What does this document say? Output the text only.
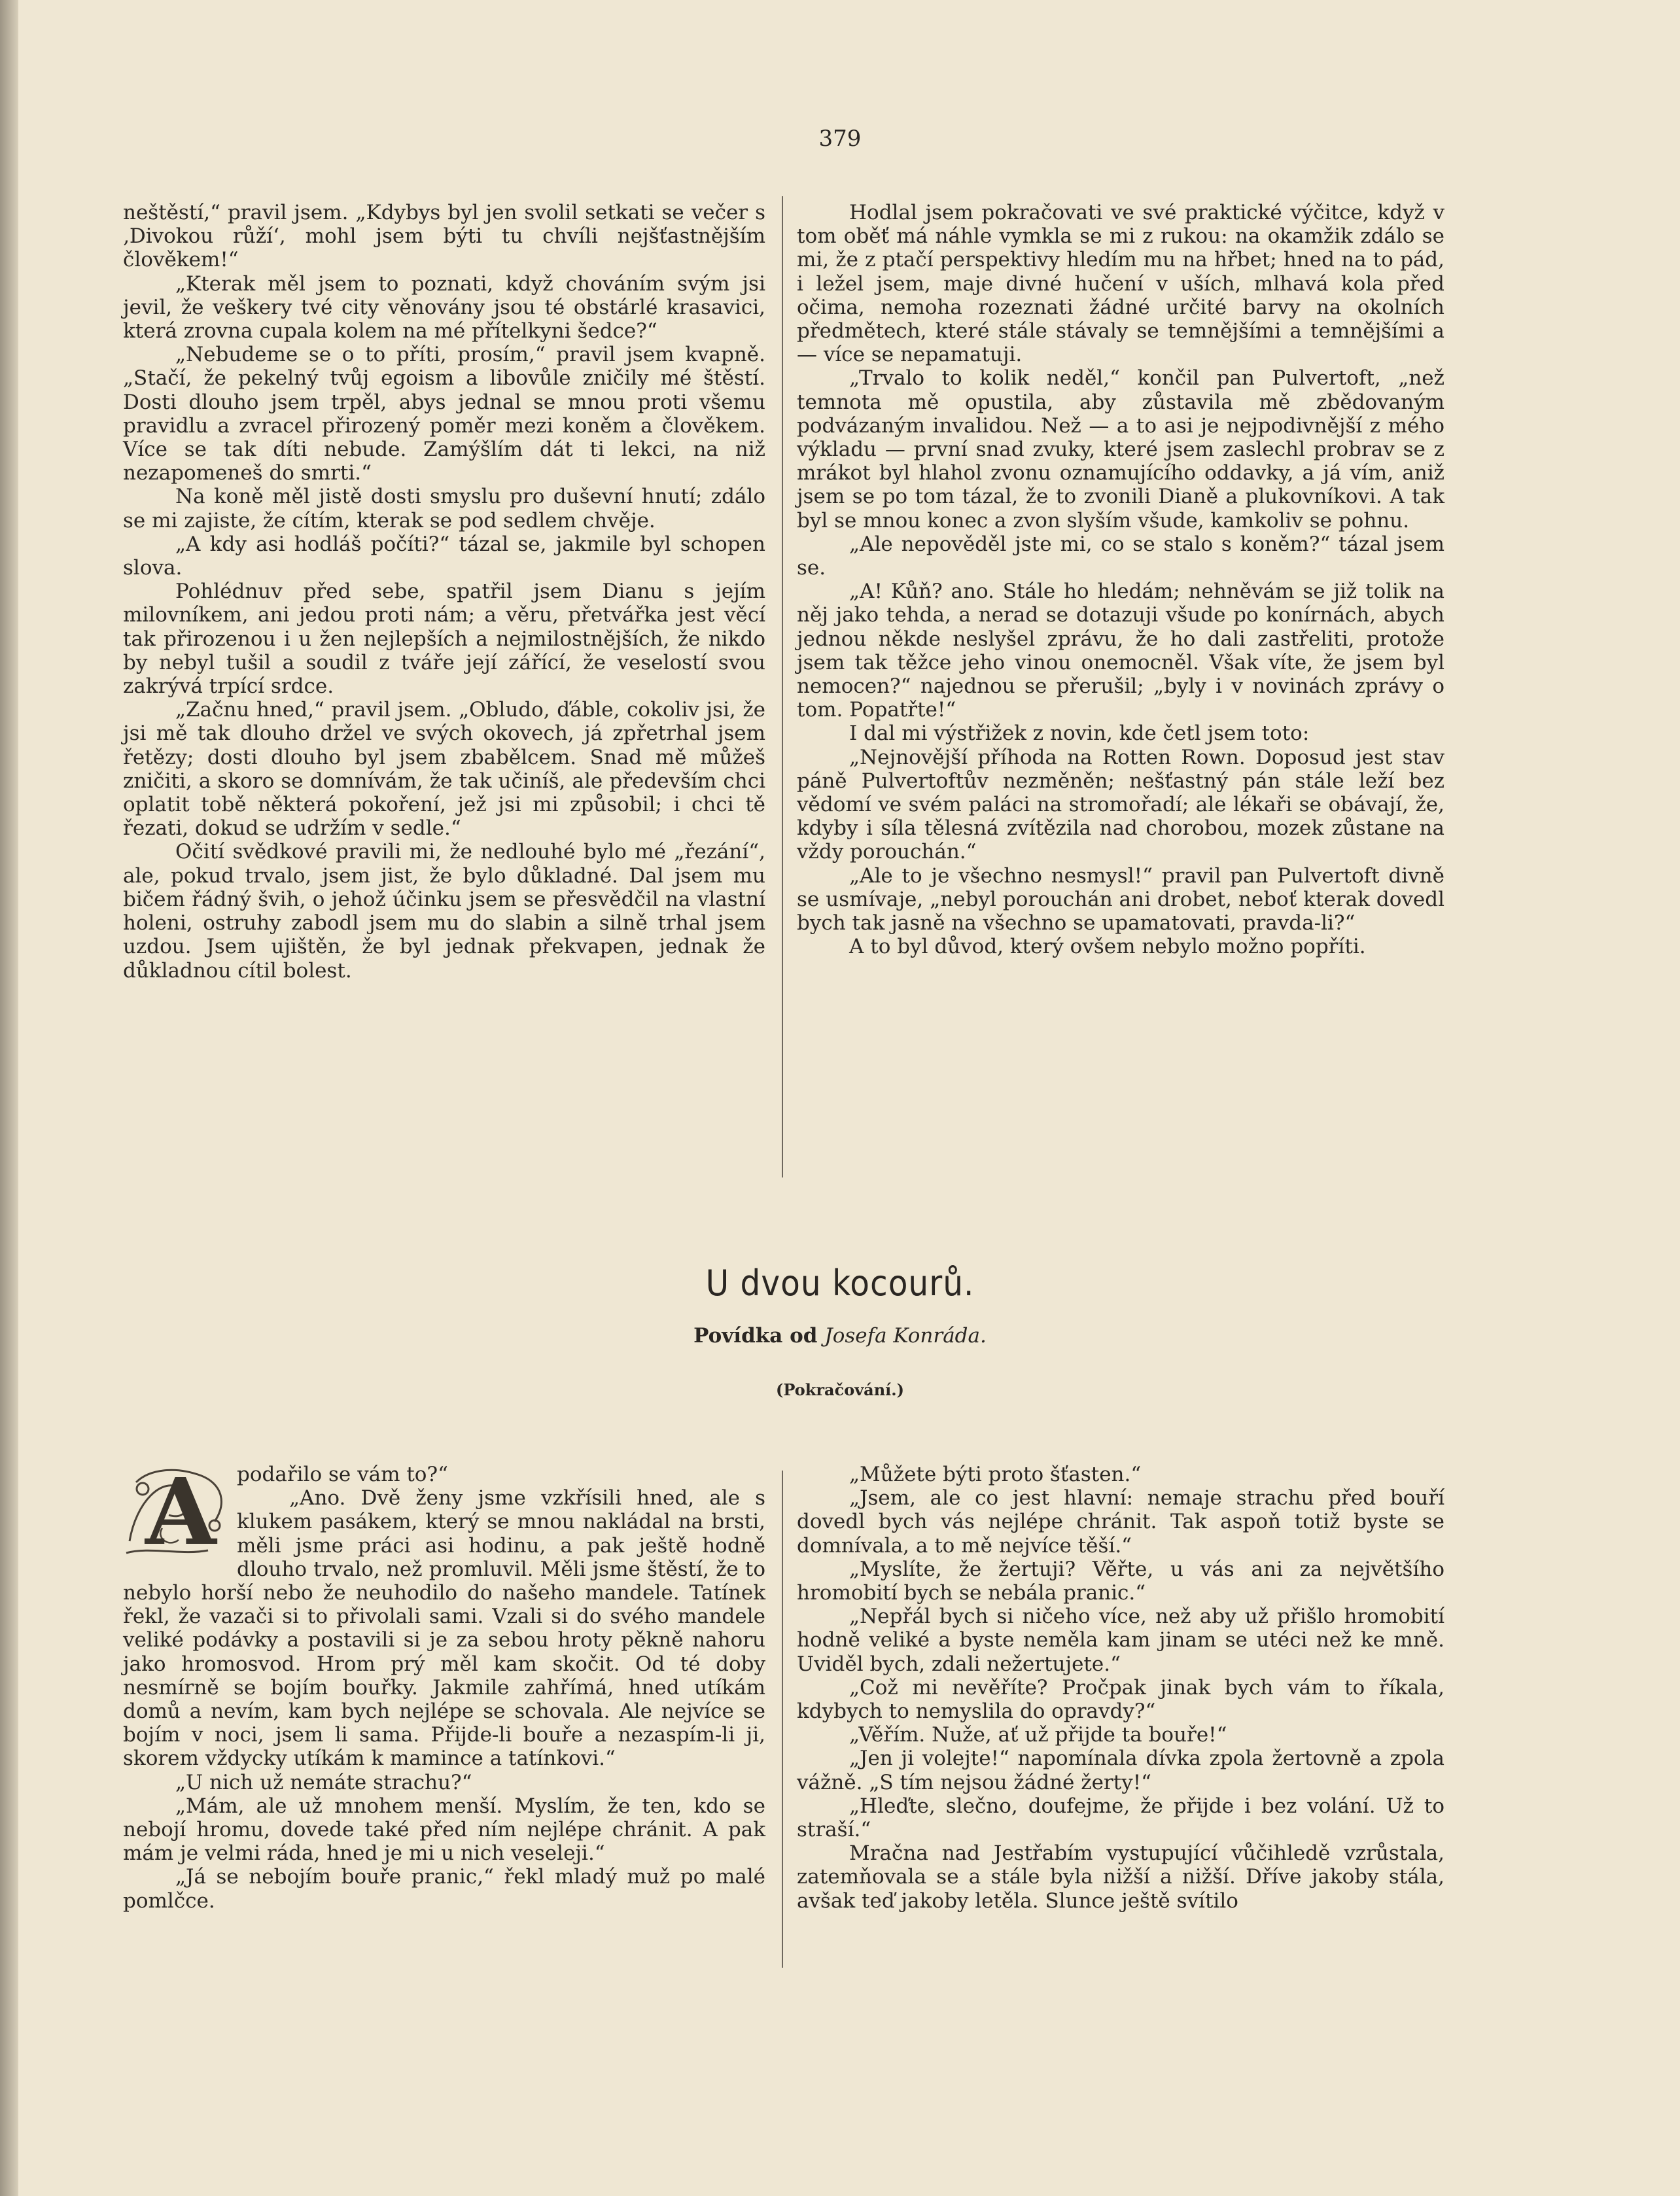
379

neštěstí,“ pravil jsem. „Kdybys byl jen svolil setkati se večer s ‚Divokou růží‘, mohl jsem býti tu chvíli nejšťastnějším člověkem!“

„Kterak měl jsem to poznati, když chováním svým jsi jevil, že veškery tvé city věnovány jsou té obstárlé krasavici, která zrovna cupala kolem na mé přítelkyni šedce?“

„Nebudeme se o to příti, prosím,“ pravil jsem kvapně. „Stačí, že pekelný tvůj egoism a libovůle zničily mé štěstí. Dosti dlouho jsem trpěl, abys jednal se mnou proti všemu pravidlu a zvracel přirozený poměr mezi koněm a člověkem. Více se tak díti nebude. Zamýšlím dát ti lekci, na niž nezapomeneš do smrti.“

Na koně měl jistě dosti smyslu pro duševní hnutí; zdálo se mi zajiste, že cítím, kterak se pod sedlem chvěje.

„A kdy asi hodláš počíti?“ tázal se, jakmile byl schopen slova.

Pohlédnuv před sebe, spatřil jsem Dianu s jejím milovníkem, ani jedou proti nám; a věru, přetvářka jest věcí tak přirozenou i u žen nejlepších a nejmilostnějších, že nikdo by nebyl tušil a soudil z tváře její zářící, že veselostí svou zakrývá trpící srdce.

„Začnu hned,“ pravil jsem. „Obludo, ďáble, cokoliv jsi, že jsi mě tak dlouho držel ve svých okovech, já zpřetrhal jsem řetězy; dosti dlouho byl jsem zbabělcem. Snad mě můžeš zničiti, a skoro se domnívám, že tak učiníš, ale především chci oplatit tobě některá pokoření, jež jsi mi způsobil; i chci tě řezati, dokud se udržím v sedle.“

Očití svědkové pravili mi, že nedlouhé bylo mé „řezání“, ale, pokud trvalo, jsem jist, že bylo důkladné. Dal jsem mu bičem řádný švih, o jehož účinku jsem se přesvědčil na vlastní holeni, ostruhy zabodl jsem mu do slabin a silně trhal jsem uzdou. Jsem ujištěn, že byl jednak překvapen, jednak že důkladnou cítil bolest.

Hodlal jsem pokračovati ve své praktické výčitce, když v tom oběť má náhle vymkla se mi z rukou: na okamžik zdálo se mi, že z ptačí perspektivy hledím mu na hřbet; hned na to pád, i ležel jsem, maje divné hučení v uších, mlhavá kola před očima, nemoha rozeznati žádné určité barvy na okolních předmětech, které stále stávaly se temnějšími a temnějšími a — více se nepamatuji.

„Trvalo to kolik neděl,“ končil pan Pulvertoft, „než temnota mě opustila, aby zůstavila mě zbědovaným podvázaným invalidou. Než — a to asi je nejpodivnější z mého výkladu — první snad zvuky, které jsem zaslechl probrav se z mrákot byl hlahol zvonu oznamujícího oddavky, a já vím, aniž jsem se po tom tázal, že to zvonili Dianě a plukovníkovi. A tak byl se mnou konec a zvon slyším všude, kamkoliv se pohnu.

„Ale nepověděl jste mi, co se stalo s koněm?“ tázal jsem se.

„A! Kůň? ano. Stále ho hledám; nehněvám se již tolik na něj jako tehda, a nerad se dotazuji všude po konírnách, abych jednou někde neslyšel zprávu, že ho dali zastřeliti, protože jsem tak těžce jeho vinou onemocněl. Však víte, že jsem byl nemocen?“ najednou se přerušil; „byly i v novinách zprávy o tom. Popatřte!“

I dal mi výstřižek z novin, kde četl jsem toto:

„Nejnovější příhoda na Rotten Rown. Doposud jest stav páně Pulvertoftův nezměněn; nešťastný pán stále leží bez vědomí ve svém paláci na stromořadí; ale lékaři se obávají, že, kdyby i síla tělesná zvítězila nad chorobou, mozek zůstane na vždy porouchán.“

„Ale to je všechno nesmysl!“ pravil pan Pulvertoft divně se usmívaje, „nebyl porouchán ani drobet, neboť kterak dovedl bych tak jasně na všechno se upamatovati, pravda-li?“

A to byl důvod, který ovšem nebylo možno popříti.

U dvou kocourů.
Povídka od Josefa Konráda.
(Pokračování.)

A podařilo se vám to?“

„Ano. Dvě ženy jsme vzkřísili hned, ale s klukem pasákem, který se mnou nakládal na brsti, měli jsme práci asi hodinu, a pak ještě hodně dlouho trvalo, než promluvil. Měli jsme štěstí, že to nebylo horší nebo že neuhodilo do našeho mandele. Tatínek řekl, že vazači si to přivolali sami. Vzali si do svého mandele veliké podávky a postavili si je za sebou hroty pěkně nahoru jako hromosvod. Hrom prý měl kam skočit. Od té doby nesmírně se bojím bouřky. Jakmile zahřímá, hned utíkám domů a nevím, kam bych nejlépe se schovala. Ale nejvíce se bojím v noci, jsem li sama. Přijde-li bouře a nezaspím-li ji, skorem vždycky utíkám k mamince a tatínkovi.“

„U nich už nemáte strachu?“

„Mám, ale už mnohem menší. Myslím, že ten, kdo se nebojí hromu, dovede také před ním nejlépe chránit. A pak mám je velmi ráda, hned je mi u nich veseleji.“

„Já se nebojím bouře pranic,“ řekl mladý muž po malé pomlčce.

„Můžete býti proto šťasten.“

„Jsem, ale co jest hlavní: nemaje strachu před bouří dovedl bych vás nejlépe chránit. Tak aspoň totiž byste se domnívala, a to mě nejvíce těší.“

„Myslíte, že žertuji? Věřte, u vás ani za největšího hromobití bych se nebála pranic.“

„Nepřál bych si ničeho více, než aby už přišlo hromobití hodně veliké a byste neměla kam jinam se utéci než ke mně. Uviděl bych, zdali nežertujete.“

„Což mi nevěříte? Pročpak jinak bych vám to říkala, kdybych to nemyslila do opravdy?“

„Věřím. Nuže, ať už přijde ta bouře!“

„Jen ji volejte!“ napomínala dívka zpola žertovně a zpola vážně. „S tím nejsou žádné žerty!“

„Hleďte, slečno, doufejme, že přijde i bez volání. Už to straší.“

Mračna nad Jestřabím vystupující vůčihledě vzrůstala, zatemňovala se a stále byla nižší a nižší. Dříve jakoby stála, avšak teď jakoby letěla. Slunce ještě svítilo
